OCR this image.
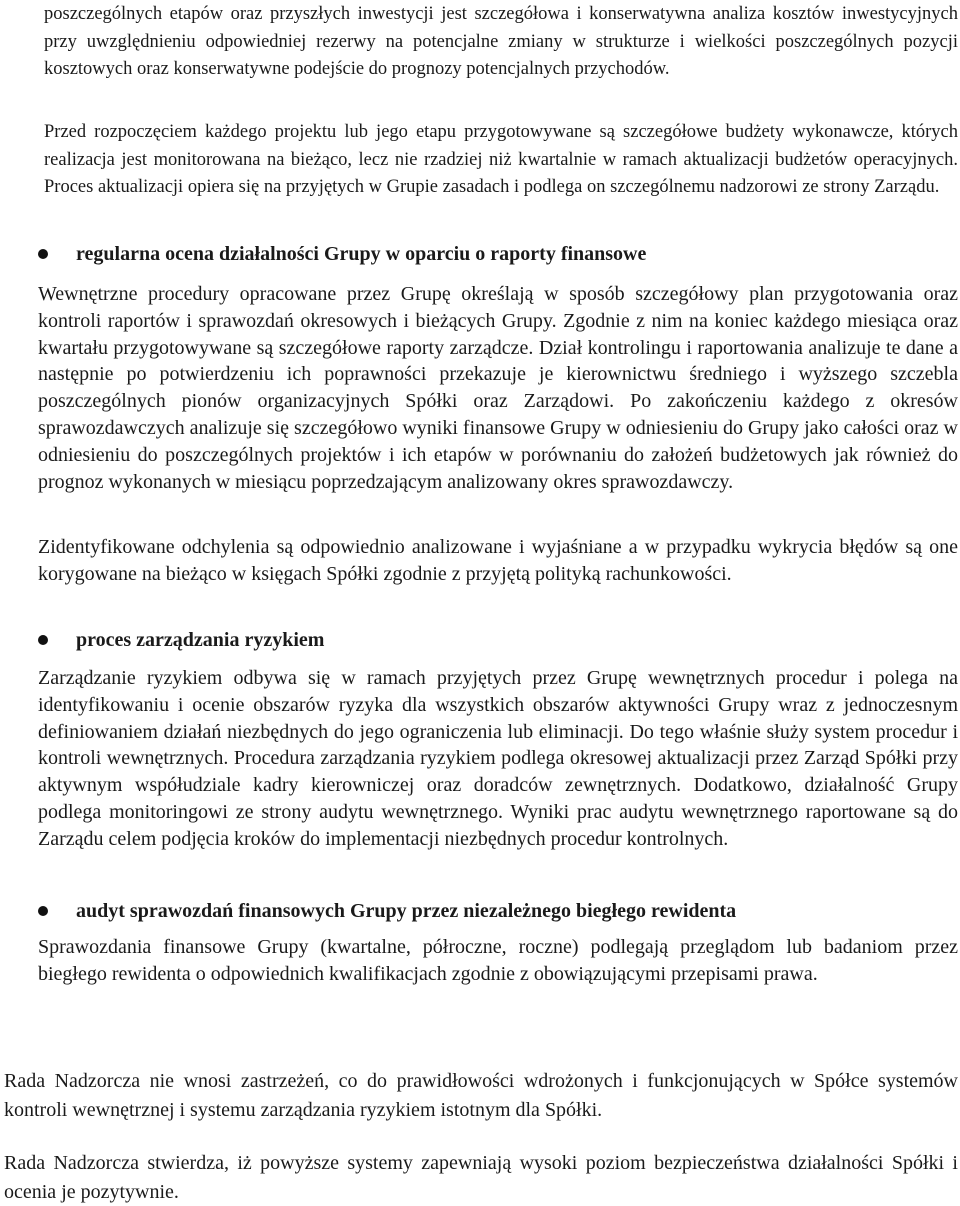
poszczególnych etapów oraz przyszłych inwestycji jest szczegółowa i konserwatywna analiza kosztów inwestycyjnych przy uwzględnieniu odpowiedniej rezerwy na potencjalne zmiany w strukturze i wielkości poszczególnych pozycji kosztowych oraz konserwatywne podejście do prognozy potencjalnych przychodów.

Przed rozpoczęciem każdego projektu lub jego etapu przygotowywane są szczegółowe budżety wykonawcze, których realizacja jest monitorowana na bieżąco, lecz nie rzadziej niż kwartalnie w ramach aktualizacji budżetów operacyjnych. Proces aktualizacji opiera się na przyjętych w Grupie zasadach i podlega on szczególnemu nadzorowi ze strony Zarządu.

regularna ocena działalności Grupy w oparciu o raporty finansowe

Wewnętrzne procedury opracowane przez Grupę określają w sposób szczegółowy plan przygotowania oraz kontroli raportów i sprawozdań okresowych i bieżących Grupy. Zgodnie z nim na koniec każdego miesiąca oraz kwartału przygotowywane są szczegółowe raporty zarządcze. Dział kontrolingu i raportowania analizuje te dane a następnie po potwierdzeniu ich poprawności przekazuje je kierownictwu średniego i wyższego szczebla poszczególnych pionów organizacyjnych Spółki oraz Zarządowi. Po zakończeniu każdego z okresów sprawozdawczych analizuje się szczegółowo wyniki finansowe Grupy w odniesieniu do Grupy jako całości oraz w odniesieniu do poszczególnych projektów i ich etapów w porównaniu do założeń budżetowych jak również do prognoz wykonanych w miesiącu poprzedzającym analizowany okres sprawozdawczy.

Zidentyfikowane odchylenia są odpowiednio analizowane i wyjaśniane a w przypadku wykrycia błędów są one korygowane na bieżąco w księgach Spółki zgodnie z przyjętą polityką rachunkowości.

proces zarządzania ryzykiem

Zarządzanie ryzykiem odbywa się w ramach przyjętych przez Grupę wewnętrznych procedur i polega na identyfikowaniu i ocenie obszarów ryzyka dla wszystkich obszarów aktywności Grupy wraz z jednoczesnym definiowaniem działań niezbędnych do jego ograniczenia lub eliminacji. Do tego właśnie służy system procedur i kontroli wewnętrznych. Procedura zarządzania ryzykiem podlega okresowej aktualizacji przez Zarząd Spółki przy aktywnym współudziale kadry kierowniczej oraz doradców zewnętrznych. Dodatkowo, działalność Grupy podlega monitoringowi ze strony audytu wewnętrznego. Wyniki prac audytu wewnętrznego raportowane są do Zarządu celem podjęcia kroków do implementacji niezbędnych procedur kontrolnych.

audyt sprawozdań finansowych Grupy przez niezależnego biegłego rewidenta

Sprawozdania finansowe Grupy (kwartalne, półroczne, roczne) podlegają przeglądom lub badaniom przez biegłego rewidenta o odpowiednich kwalifikacjach zgodnie z obowiązującymi przepisami prawa.

Rada Nadzorcza nie wnosi zastrzeżeń, co do prawidłowości wdrożonych i funkcjonujących w Spółce systemów kontroli wewnętrznej i systemu zarządzania ryzykiem istotnym dla Spółki.

Rada Nadzorcza stwierdza, iż powyższe systemy zapewniają wysoki poziom bezpieczeństwa działalności Spółki i ocenia je pozytywnie.
